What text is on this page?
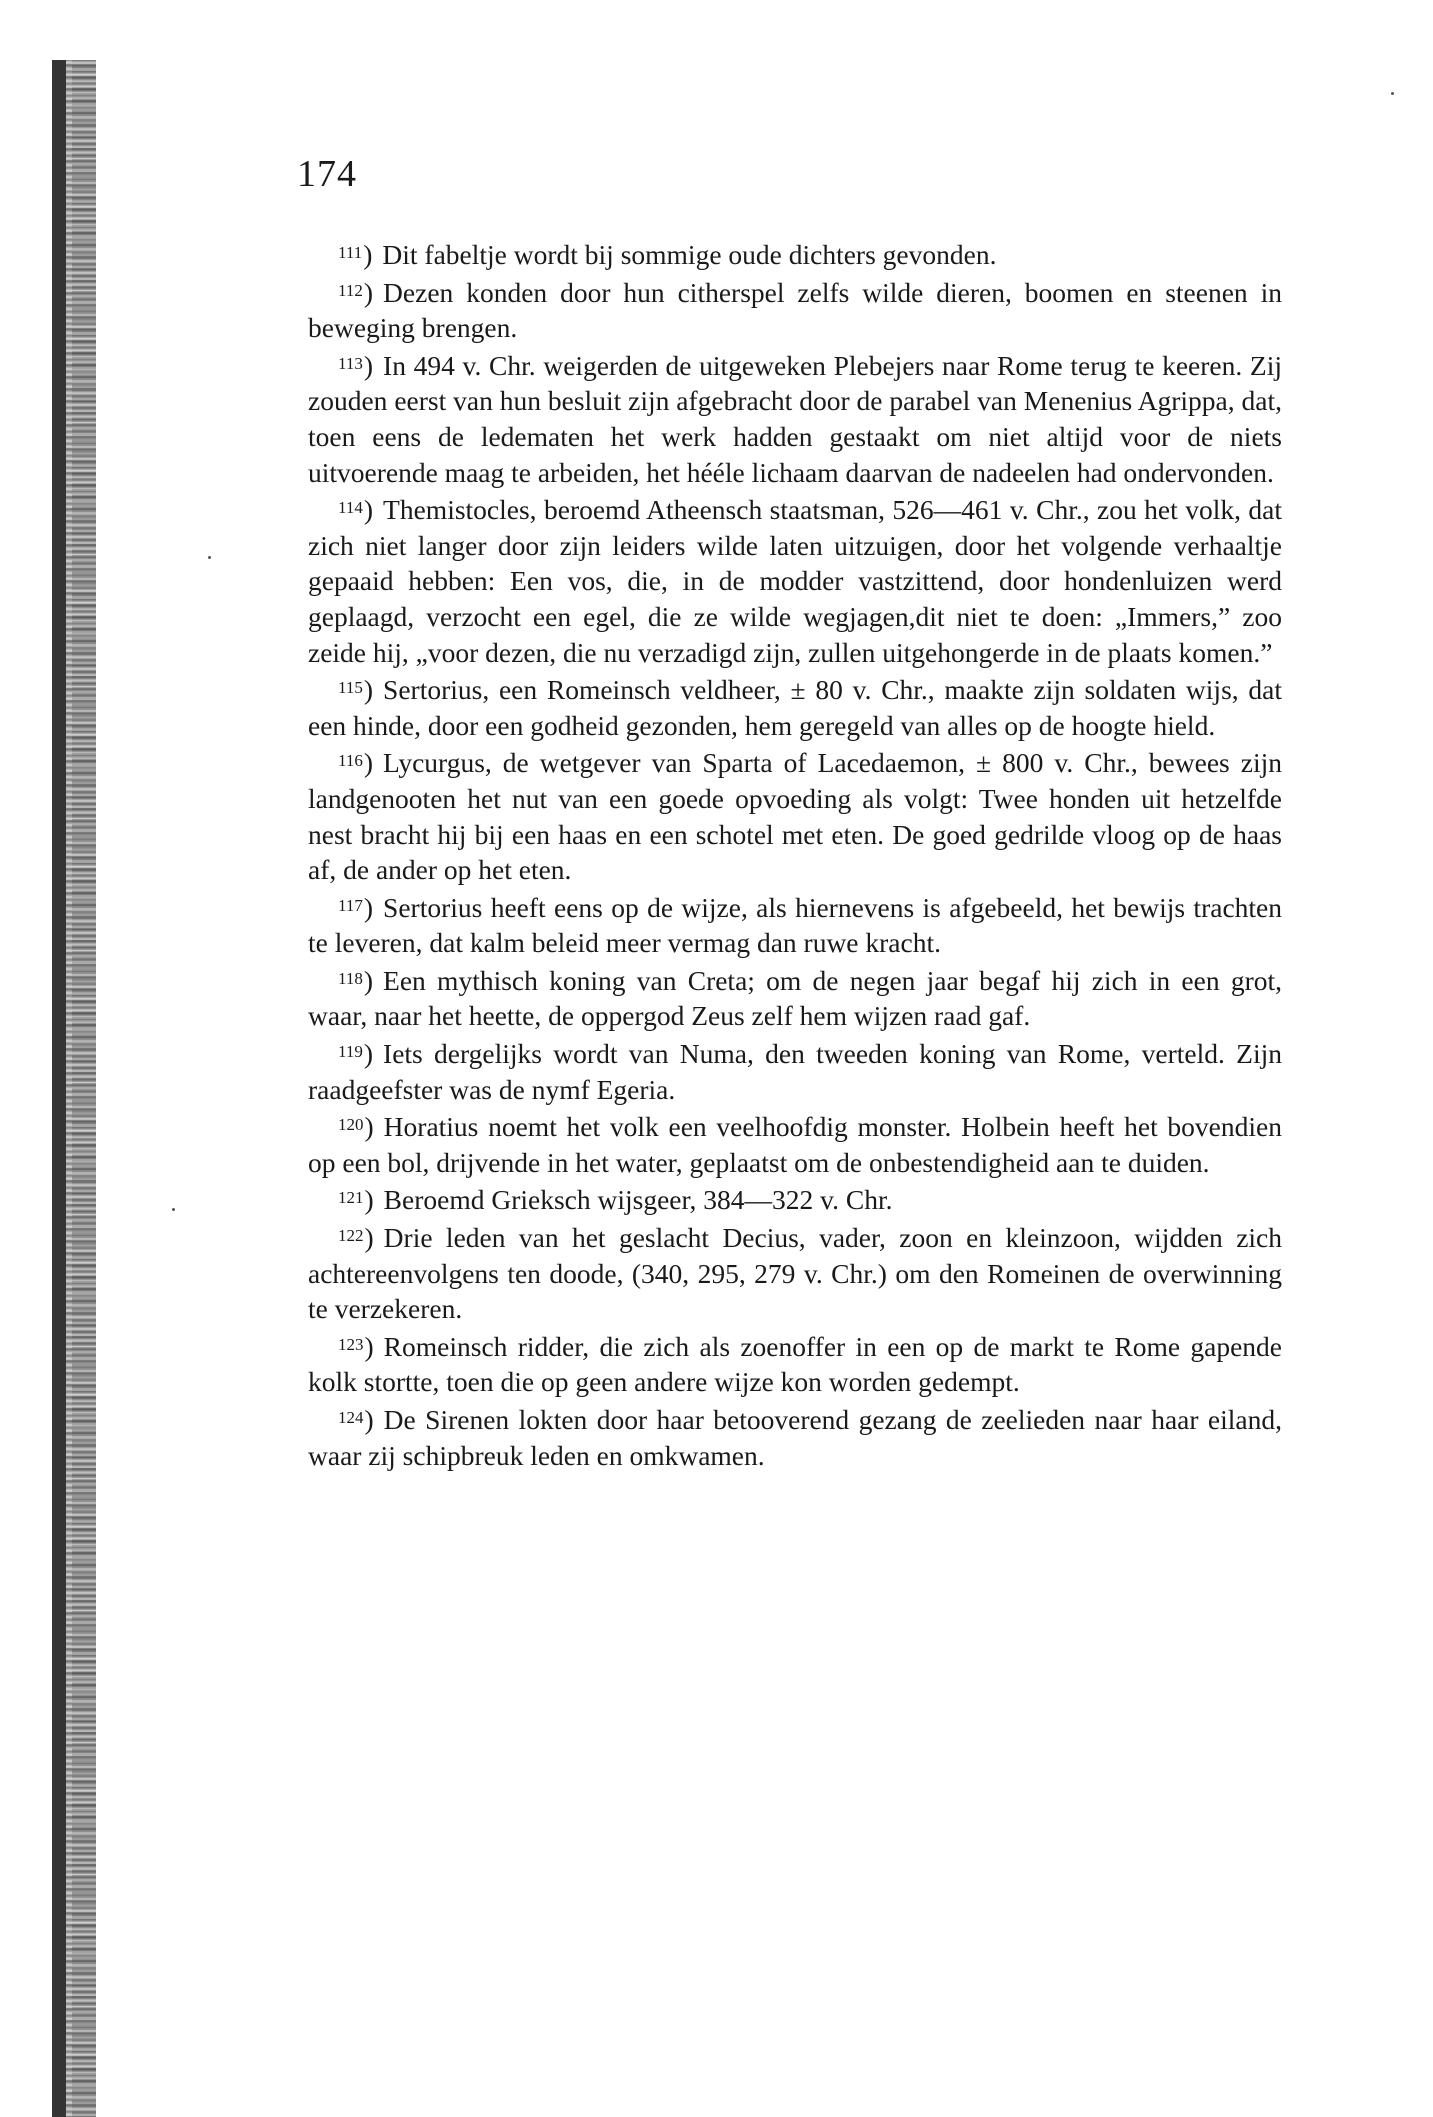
174

$^{111}$) Dit fabeltje wordt bij sommige oude dichters gevonden.

$^{112}$) Dezen konden door hun citherspel zelfs wilde dieren, boomen en steenen in beweging brengen.

$^{113}$) In 494 v. Chr. weigerden de uitgeweken Plebejers naar Rome terug te keeren. Zij zouden eerst van hun besluit zijn afgebracht door de parabel van Menenius Agrippa, dat, toen eens de ledematen het werk hadden gestaakt om niet altijd voor de niets uitvoerende maag te arbeiden, het hééle lichaam daarvan de nadeelen had ondervonden.

$^{114}$) Themistocles, beroemd Atheensch staatsman, 526—461 v. Chr., zou het volk, dat zich niet langer door zijn leiders wilde laten uitzuigen, door het volgende verhaaltje gepaaid hebben: Een vos, die, in de modder vastzittend, door hondenluizen werd geplaagd, verzocht een egel, die ze wilde wegjagen,dit niet te doen: „Immers,” zoo zeide hij, „voor dezen, die nu verzadigd zijn, zullen uitgehongerde in de plaats komen.”

$^{115}$) Sertorius, een Romeinsch veldheer, ± 80 v. Chr., maakte zijn soldaten wijs, dat een hinde, door een godheid gezonden, hem geregeld van alles op de hoogte hield.

$^{116}$) Lycurgus, de wetgever van Sparta of Lacedaemon, ± 800 v. Chr., bewees zijn landgenooten het nut van een goede opvoeding als volgt: Twee honden uit hetzelfde nest bracht hij bij een haas en een schotel met eten. De goed gedrilde vloog op de haas af, de ander op het eten.

$^{117}$) Sertorius heeft eens op de wijze, als hiernevens is afgebeeld, het bewijs trachten te leveren, dat kalm beleid meer vermag dan ruwe kracht.

$^{118}$) Een mythisch koning van Creta; om de negen jaar begaf hij zich in een grot, waar, naar het heette, de oppergod Zeus zelf hem wijzen raad gaf.

$^{119}$) Iets dergelijks wordt van Numa, den tweeden koning van Rome, verteld. Zijn raadgeefster was de nymf Egeria.

$^{120}$) Horatius noemt het volk een veelhoofdig monster. Holbein heeft het bovendien op een bol, drijvende in het water, geplaatst om de onbestendigheid aan te duiden.

$^{121}$) Beroemd Grieksch wijsgeer, 384—322 v. Chr.

$^{122}$) Drie leden van het geslacht Decius, vader, zoon en kleinzoon, wijdden zich achtereenvolgens ten doode, (340, 295, 279 v. Chr.) om den Romeinen de overwinning te verzekeren.

$^{123}$) Romeinsch ridder, die zich als zoenoffer in een op de markt te Rome gapende kolk stortte, toen die op geen andere wijze kon worden gedempt.

$^{124}$) De Sirenen lokten door haar betooverend gezang de zeelieden naar haar eiland, waar zij schipbreuk leden en omkwamen.
